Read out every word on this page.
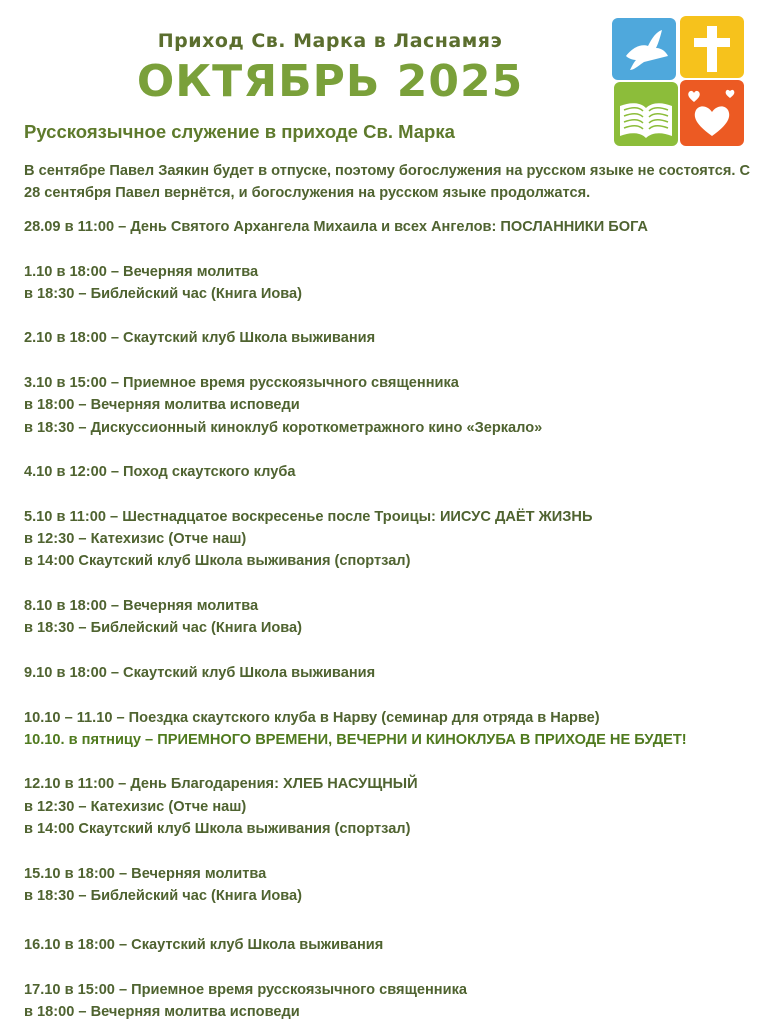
Приход Св. Марка в Ласнамяэ
ОКТЯБРЬ 2025
Русскоязычное служение в приходе Св. Марка
В сентябре Павел Заякин будет в отпуске, поэтому богослужения на русском языке не состоятся. С 28 сентября Павел вернётся, и богослужения на русском языке продолжатся.
28.09 в 11:00 – День Святого Архангела Михаила и всех Ангелов: ПОСЛАННИКИ БОГА
1.10 в 18:00 – Вечерняя молитва
в 18:30 – Библейский час (Книга Иова)
2.10 в 18:00 – Скаутский клуб Школа выживания
3.10 в 15:00 – Приемное время русскоязычного священника
в 18:00 – Вечерняя молитва исповеди
в 18:30 – Дискуссионный киноклуб короткометражного кино «Зеркало»
4.10 в 12:00 – Поход скаутского клуба
5.10 в 11:00 – Шестнадцатое воскресенье после Троицы: ИИСУС ДАЁТ ЖИЗНЬ
в 12:30 – Катехизис (Отче наш)
в 14:00 Скаутский клуб Школа выживания (спортзал)
8.10 в 18:00 – Вечерняя молитва
в 18:30 – Библейский час (Книга Иова)
9.10 в 18:00 – Скаутский клуб Школа выживания
10.10 – 11.10 – Поездка скаутского клуба в Нарву (семинар для отряда в Нарве)
10.10. в пятницу – ПРИЕМНОГО ВРЕМЕНИ, ВЕЧЕРНИ И КИНОКЛУБА В ПРИХОДЕ НЕ БУДЕТ!
12.10 в 11:00 – День Благодарения: ХЛЕБ НАСУЩНЫЙ
в 12:30 – Катехизис (Отче наш)
в 14:00 Скаутский клуб Школа выживания (спортзал)
15.10 в 18:00 – Вечерняя молитва
в 18:30 – Библейский час (Книга Иова)
16.10 в 18:00 – Скаутский клуб Школа выживания
17.10 в 15:00 – Приемное время русскоязычного священника
в 18:00 – Вечерняя молитва исповеди
